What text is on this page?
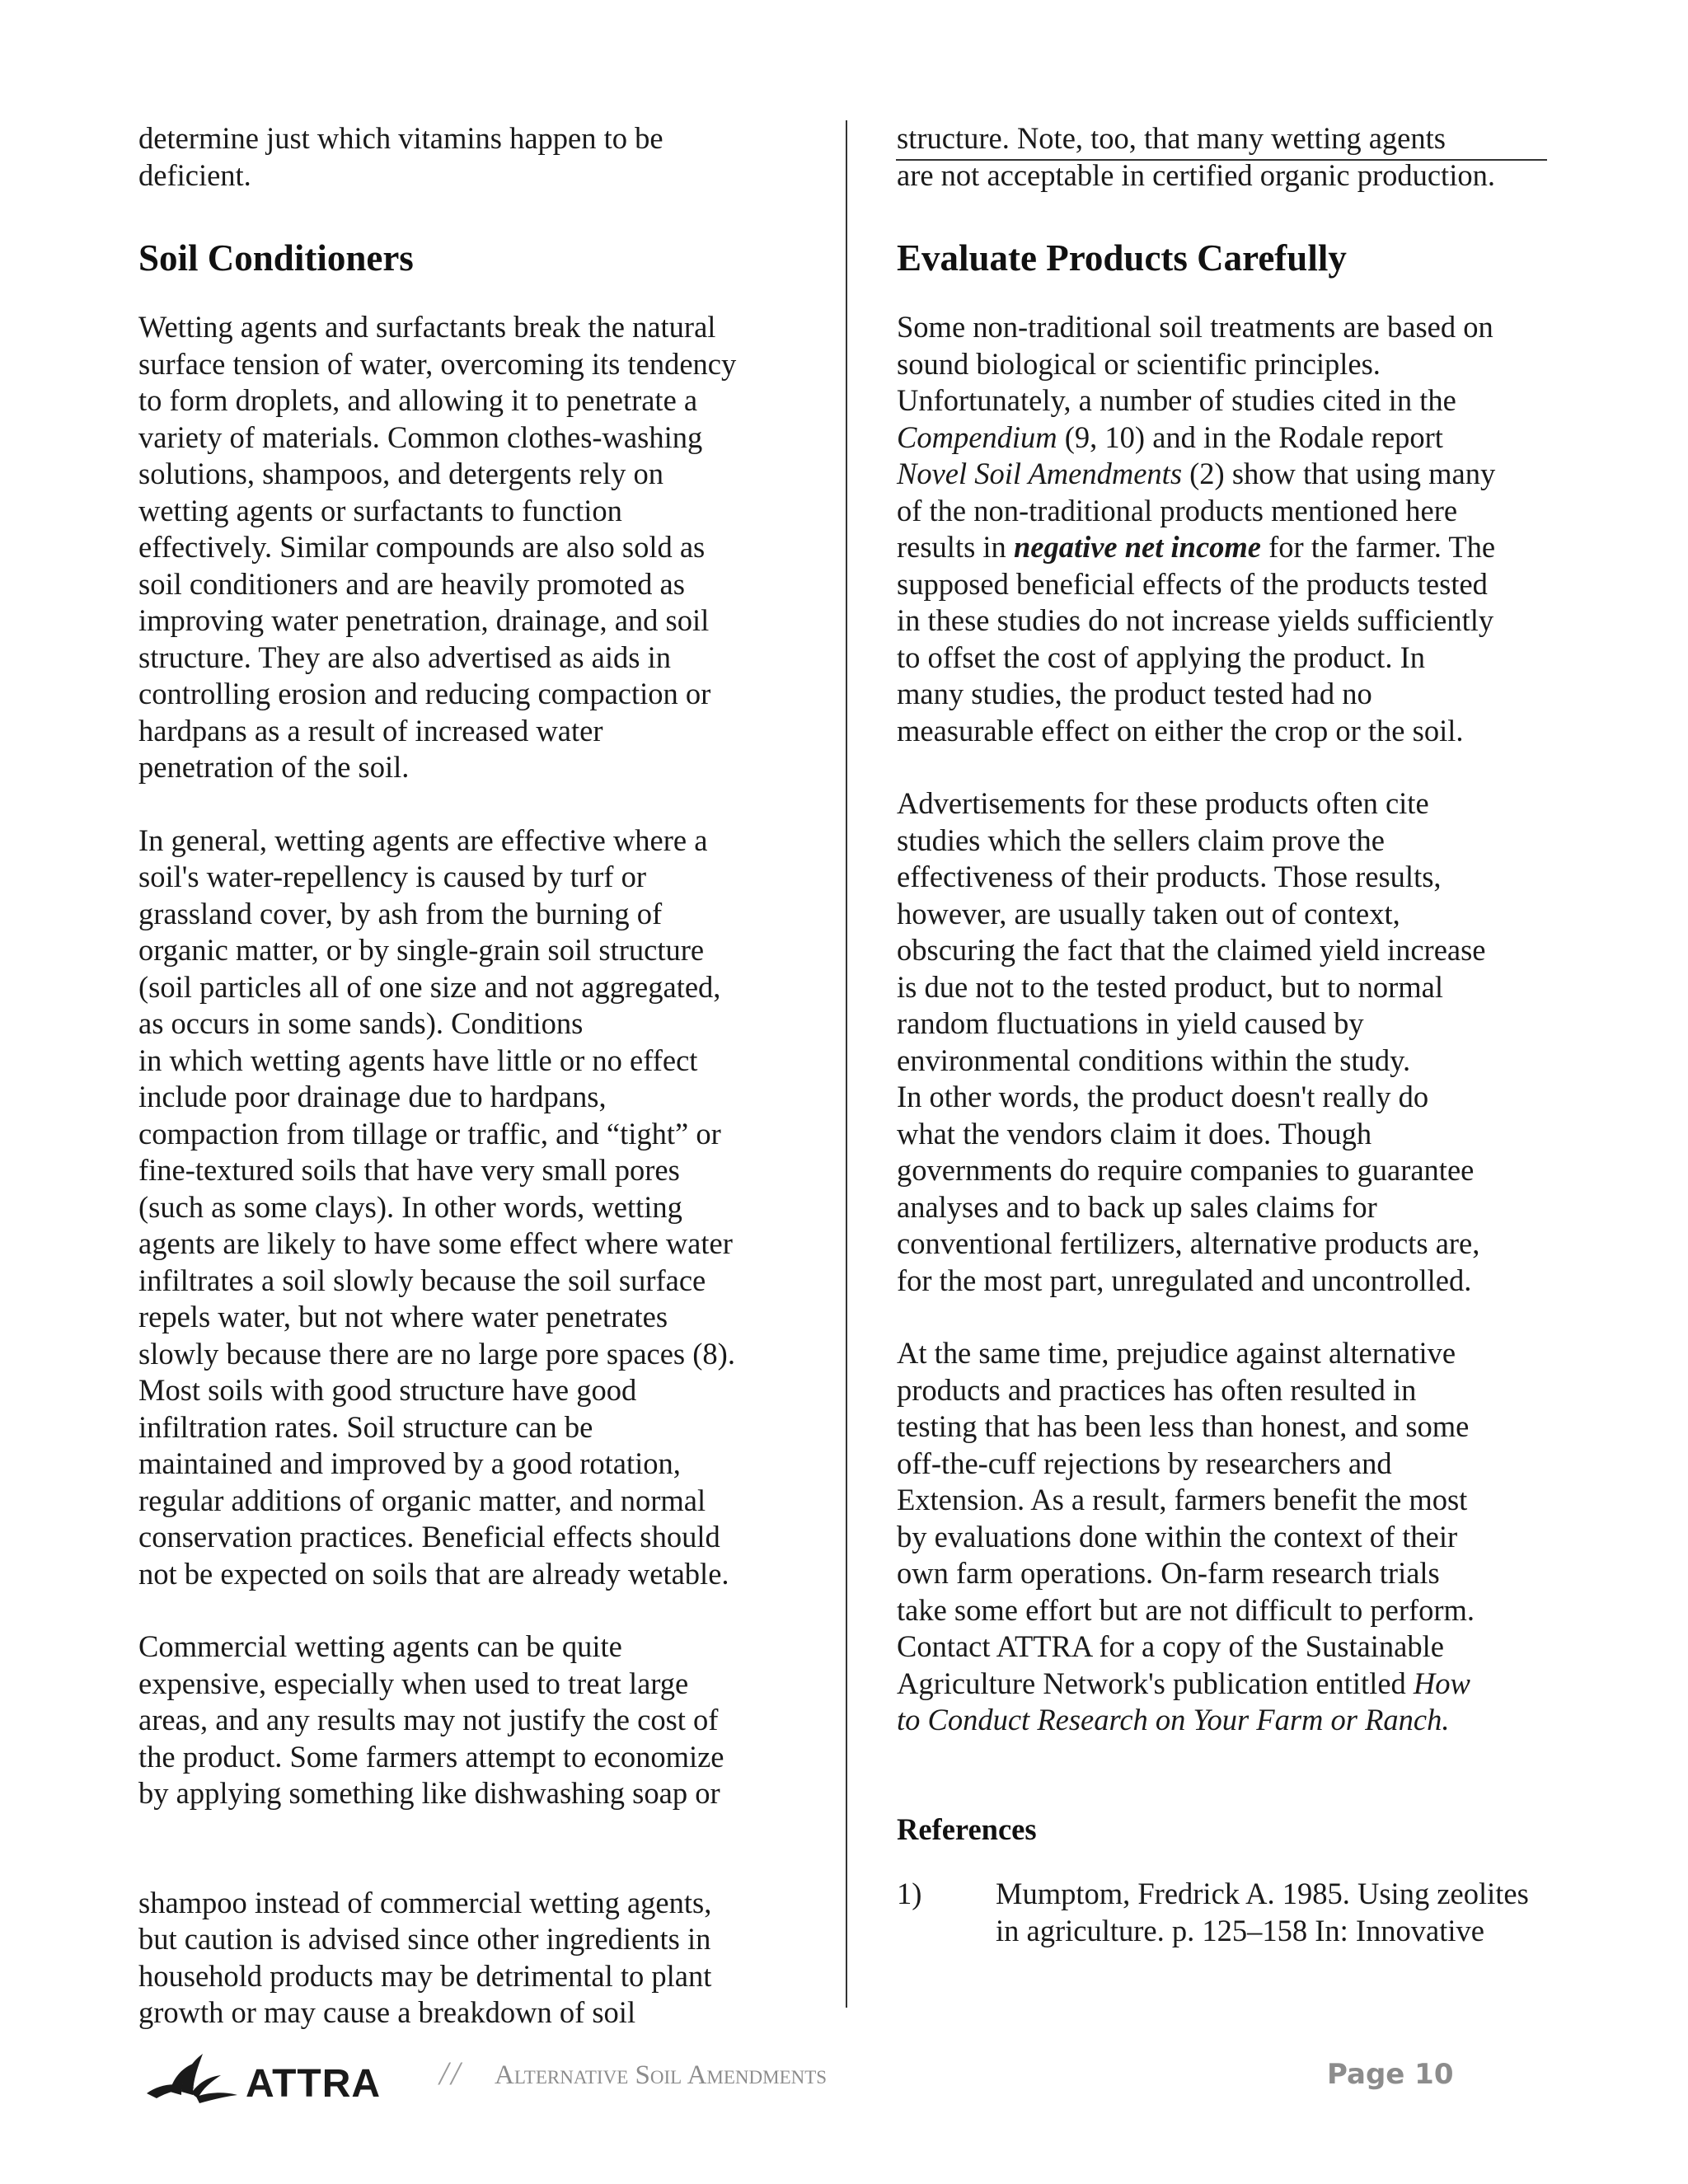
determine just which vitamins happen to be
deficient.
Soil Conditioners
Wetting agents and surfactants break the natural
surface tension of water, overcoming its tendency
to form droplets, and allowing it to penetrate a
variety of materials. Common clothes-washing
solutions, shampoos, and detergents rely on
wetting agents or surfactants to function
effectively. Similar compounds are also sold as
soil conditioners and are heavily promoted as
improving water penetration, drainage, and soil
structure. They are also advertised as aids in
controlling erosion and reducing compaction or
hardpans as a result of increased water
penetration of the soil.
In general, wetting agents are effective where a
soil's water-repellency is caused by turf or
grassland cover, by ash from the burning of
organic matter, or by single-grain soil structure
(soil particles all of one size and not aggregated,
as occurs in some sands). Conditions
in which wetting agents have little or no effect
include poor drainage due to hardpans,
compaction from tillage or traffic, and “tight” or
fine-textured soils that have very small pores
(such as some clays). In other words, wetting
agents are likely to have some effect where water
infiltrates a soil slowly because the soil surface
repels water, but not where water penetrates
slowly because there are no large pore spaces (8).
Most soils with good structure have good
infiltration rates. Soil structure can be
maintained and improved by a good rotation,
regular additions of organic matter, and normal
conservation practices. Beneficial effects should
not be expected on soils that are already wetable.
Commercial wetting agents can be quite
expensive, especially when used to treat large
areas, and any results may not justify the cost of
the product. Some farmers attempt to economize
by applying something like dishwashing soap or
shampoo instead of commercial wetting agents,
but caution is advised since other ingredients in
household products may be detrimental to plant
growth or may cause a breakdown of soil
structure. Note, too, that many wetting agents
are not acceptable in certified organic production.
Evaluate Products Carefully
Some non-traditional soil treatments are based on
sound biological or scientific principles.
Unfortunately, a number of studies cited in the
Compendium (9, 10) and in the Rodale report
Novel Soil Amendments (2) show that using many
of the non-traditional products mentioned here
results in negative net income for the farmer. The
supposed beneficial effects of the products tested
in these studies do not increase yields sufficiently
to offset the cost of applying the product. In
many studies, the product tested had no
measurable effect on either the crop or the soil.
Advertisements for these products often cite
studies which the sellers claim prove the
effectiveness of their products. Those results,
however, are usually taken out of context,
obscuring the fact that the claimed yield increase
is due not to the tested product, but to normal
random fluctuations in yield caused by
environmental conditions within the study.
In other words, the product doesn't really do
what the vendors claim it does. Though
governments do require companies to guarantee
analyses and to back up sales claims for
conventional fertilizers, alternative products are,
for the most part, unregulated and uncontrolled.
At the same time, prejudice against alternative
products and practices has often resulted in
testing that has been less than honest, and some
off-the-cuff rejections by researchers and
Extension. As a result, farmers benefit the most
by evaluations done within the context of their
own farm operations. On-farm research trials
take some effort but are not difficult to perform.
Contact ATTRA for a copy of the Sustainable
Agriculture Network's publication entitled How
to Conduct Research on Your Farm or Ranch.
References
1) Mumptom, Fredrick A. 1985. Using zeolites
in agriculture. p. 125–158 In: Innovative
ATTRA // Alternative Soil Amendments	Page 10
